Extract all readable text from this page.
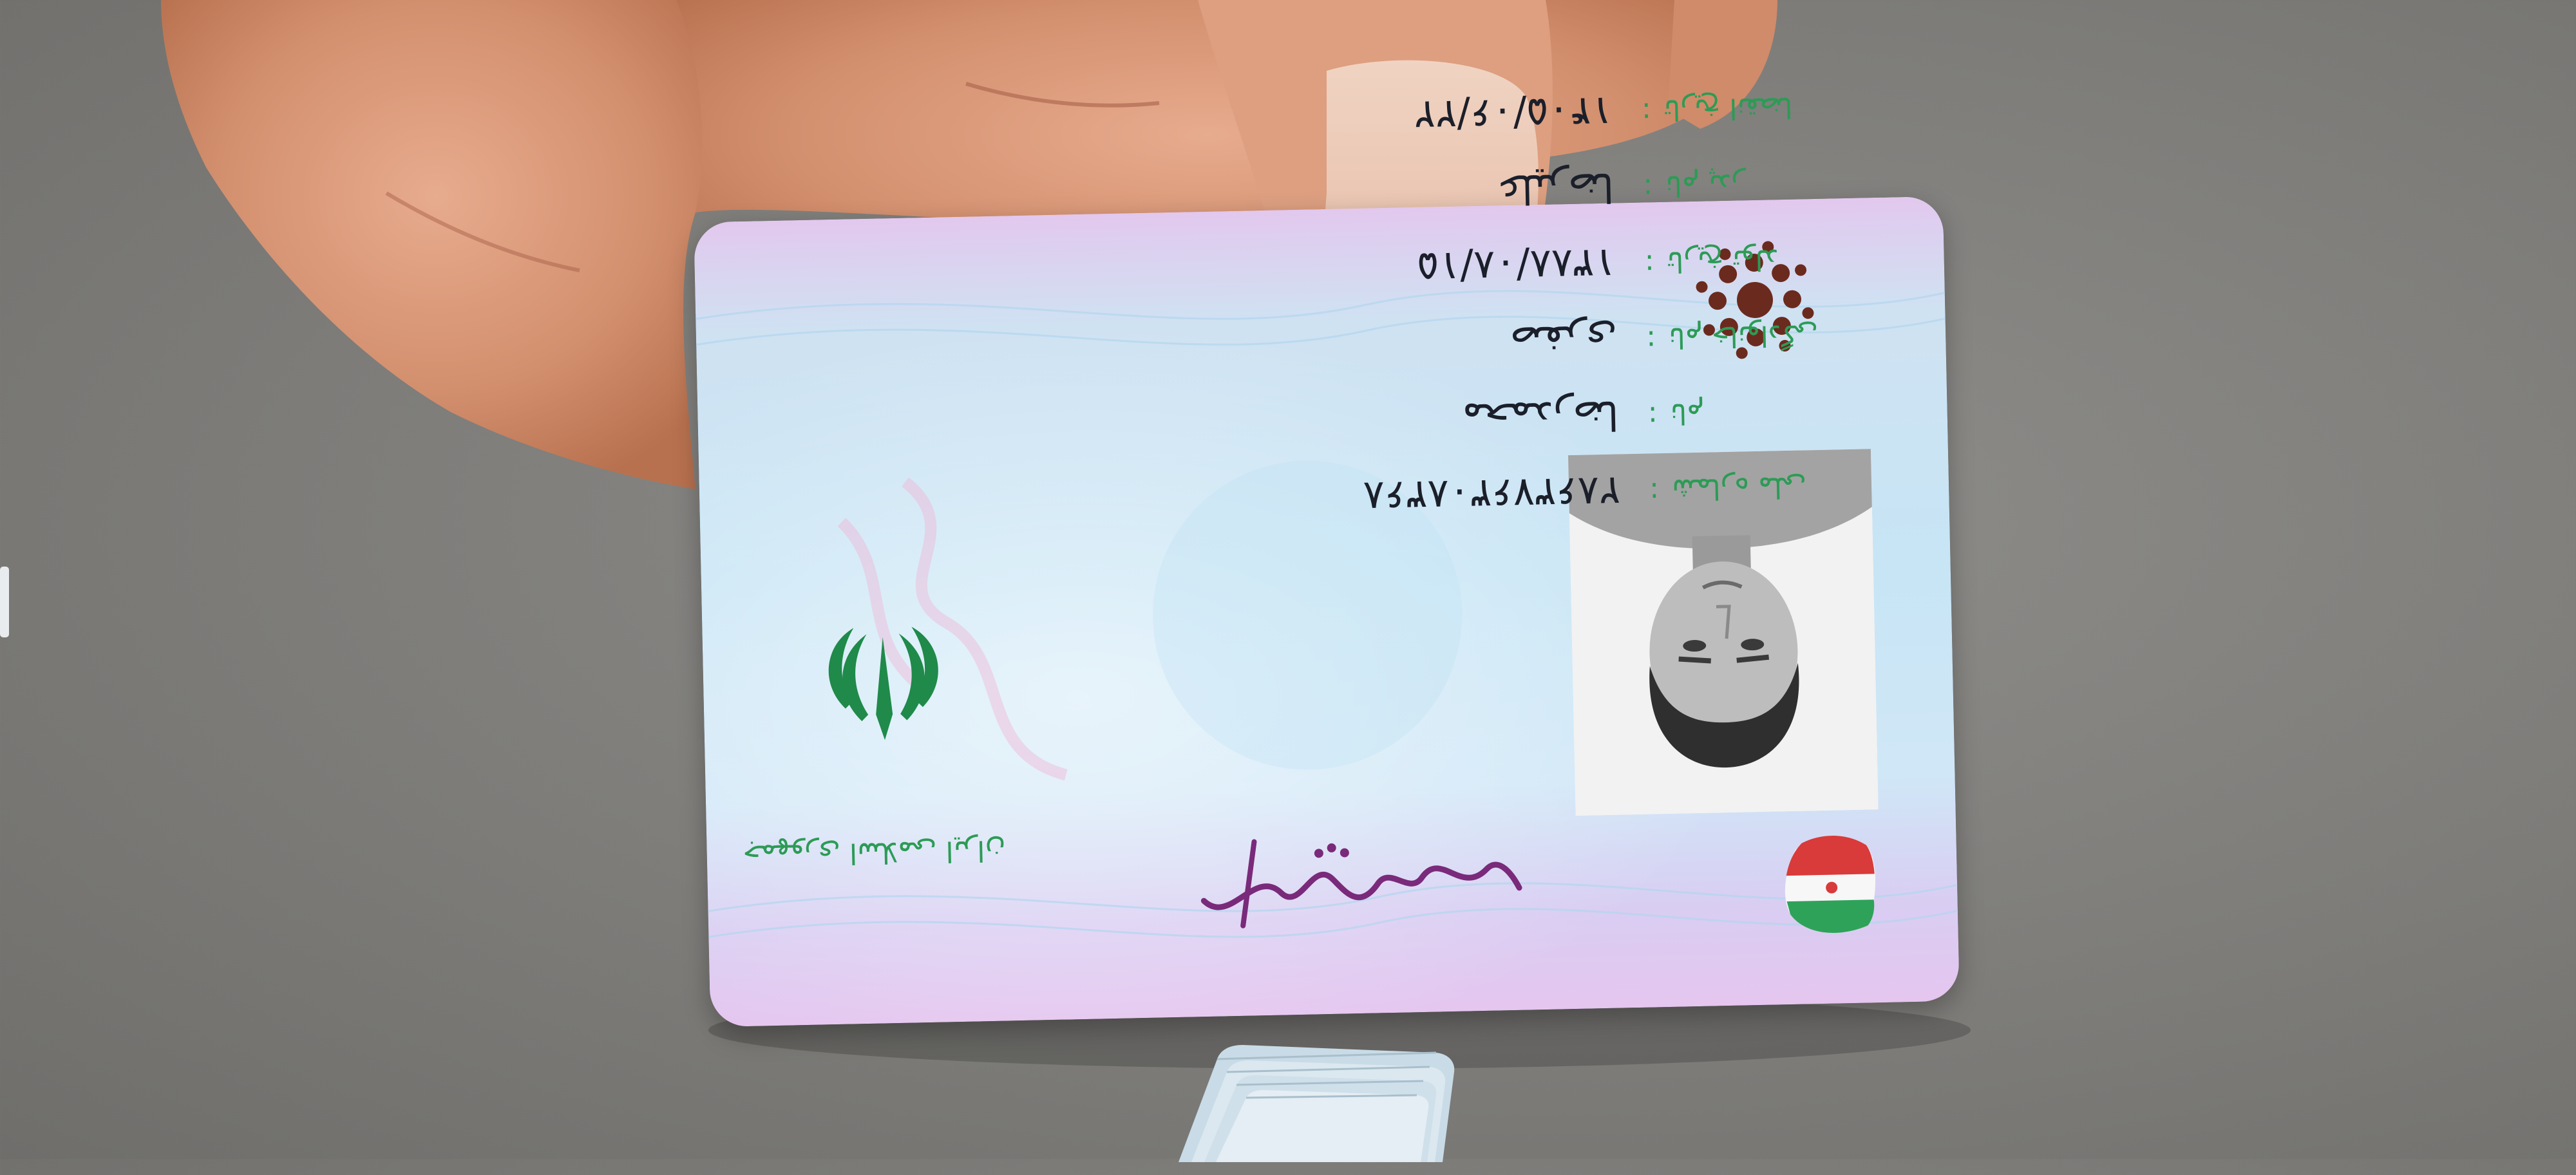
جمهوری اسلامی ایران
شماره ملی
:
۲۸۶۳۷۶۳۰۸۳۶۸
نام
:
محمدرضا
نام خانوادگی
:
صفری
تاریخ تولد
:
۱۳۸۸/۰۸/۱۵
نام پدر
:
علیرضا
تاریخ انقضا
:
۱۴۰۵/۰۶/۲۲
